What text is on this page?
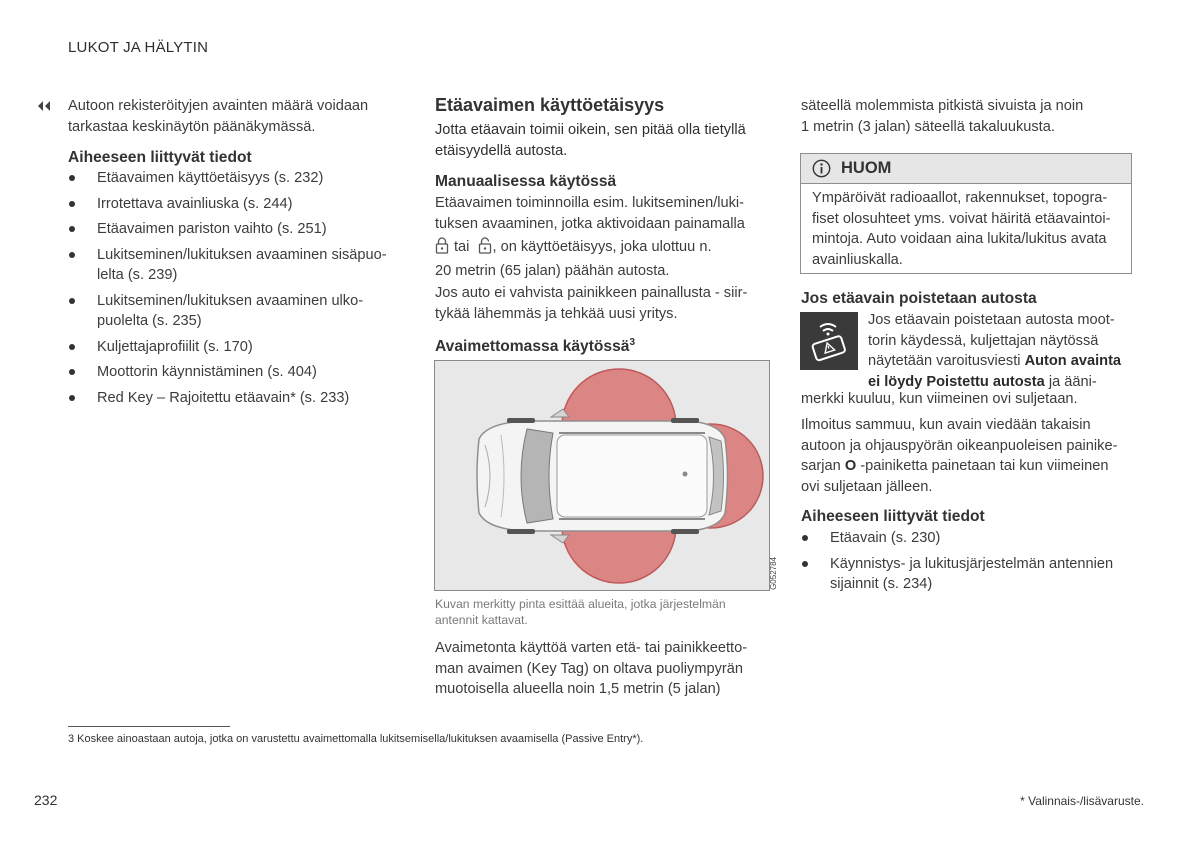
LUKOT JA HÄLYTIN

Autoon rekisteröityjen avainten määrä voidaan

tarkastaa keskinäytön päänäkymässä.

Aiheeseen liittyvät tiedot
Etäavaimen käyttöetäisyys (s. 232)
Irrotettava avainliuska (s. 244)
Etäavaimen pariston vaihto (s. 251)
Lukitseminen/lukituksen avaaminen sisäpuo-
lelta (s. 239)
Lukitseminen/lukituksen avaaminen ulko-
puolelta (s. 235)
Kuljettajaprofiilit (s. 170)
Moottorin käynnistäminen (s. 404)
Red Key – Rajoitettu etäavain* (s. 233)
Etäavaimen käyttöetäisyys

Jotta etäavain toimii oikein, sen pitää olla tietyllä

etäisyydellä autosta.

Manuaalisessa käytössä

Etäavaimen toiminnoilla esim. lukitseminen/luki-

tuksen avaaminen, jotka aktivoidaan painamalla

tai , on käyttöetäisyys, joka ulottuu n.

20 metrin (65 jalan) päähän autosta.

Jos auto ei vahvista painikkeen painallusta - siir-

tykää lähemmäs ja tehkää uusi yritys.

Avaimettomassa käytössä$^3$
G052784

Kuvan merkitty pinta esittää alueita, jotka järjestelmän

antennit kattavat.

Avaimetonta käyttöä varten etä- tai painikkeetto-

man avaimen (Key Tag) on oltava puoliympyrän

muotoisella alueella noin 1,5 metrin (5 jalan)

säteellä molemmista pitkistä sivuista ja noin

1 metrin (3 jalan) säteellä takaluukusta.

HUOM

Ympäröivät radioaallot, rakennukset, topogra-

fiset olosuhteet yms. voivat häiritä etäavaintoi-

mintoja. Auto voidaan aina lukita/lukitus avata

avainliuskalla.

Jos etäavain poistetaan autosta

Jos etäavain poistetaan autosta moot-

torin käydessä, kuljettajan näytössä

näytetään varoitusviesti Auton avainta

ei löydy Poistettu autosta ja ääni-

merkki kuuluu, kun viimeinen ovi suljetaan.

Ilmoitus sammuu, kun avain viedään takaisin

autoon ja ohjauspyörän oikeanpuoleisen painike-

sarjan O -painiketta painetaan tai kun viimeinen

ovi suljetaan jälleen.

Aiheeseen liittyvät tiedot
Etäavain (s. 230)
Käynnistys- ja lukitusjärjestelmän antennien
sijainnit (s. 234)
3 Koskee ainoastaan autoja, jotka on varustettu avaimettomalla lukitsemisella/lukituksen avaamisella (Passive Entry*).
232	* Valinnais-/lisävaruste.
